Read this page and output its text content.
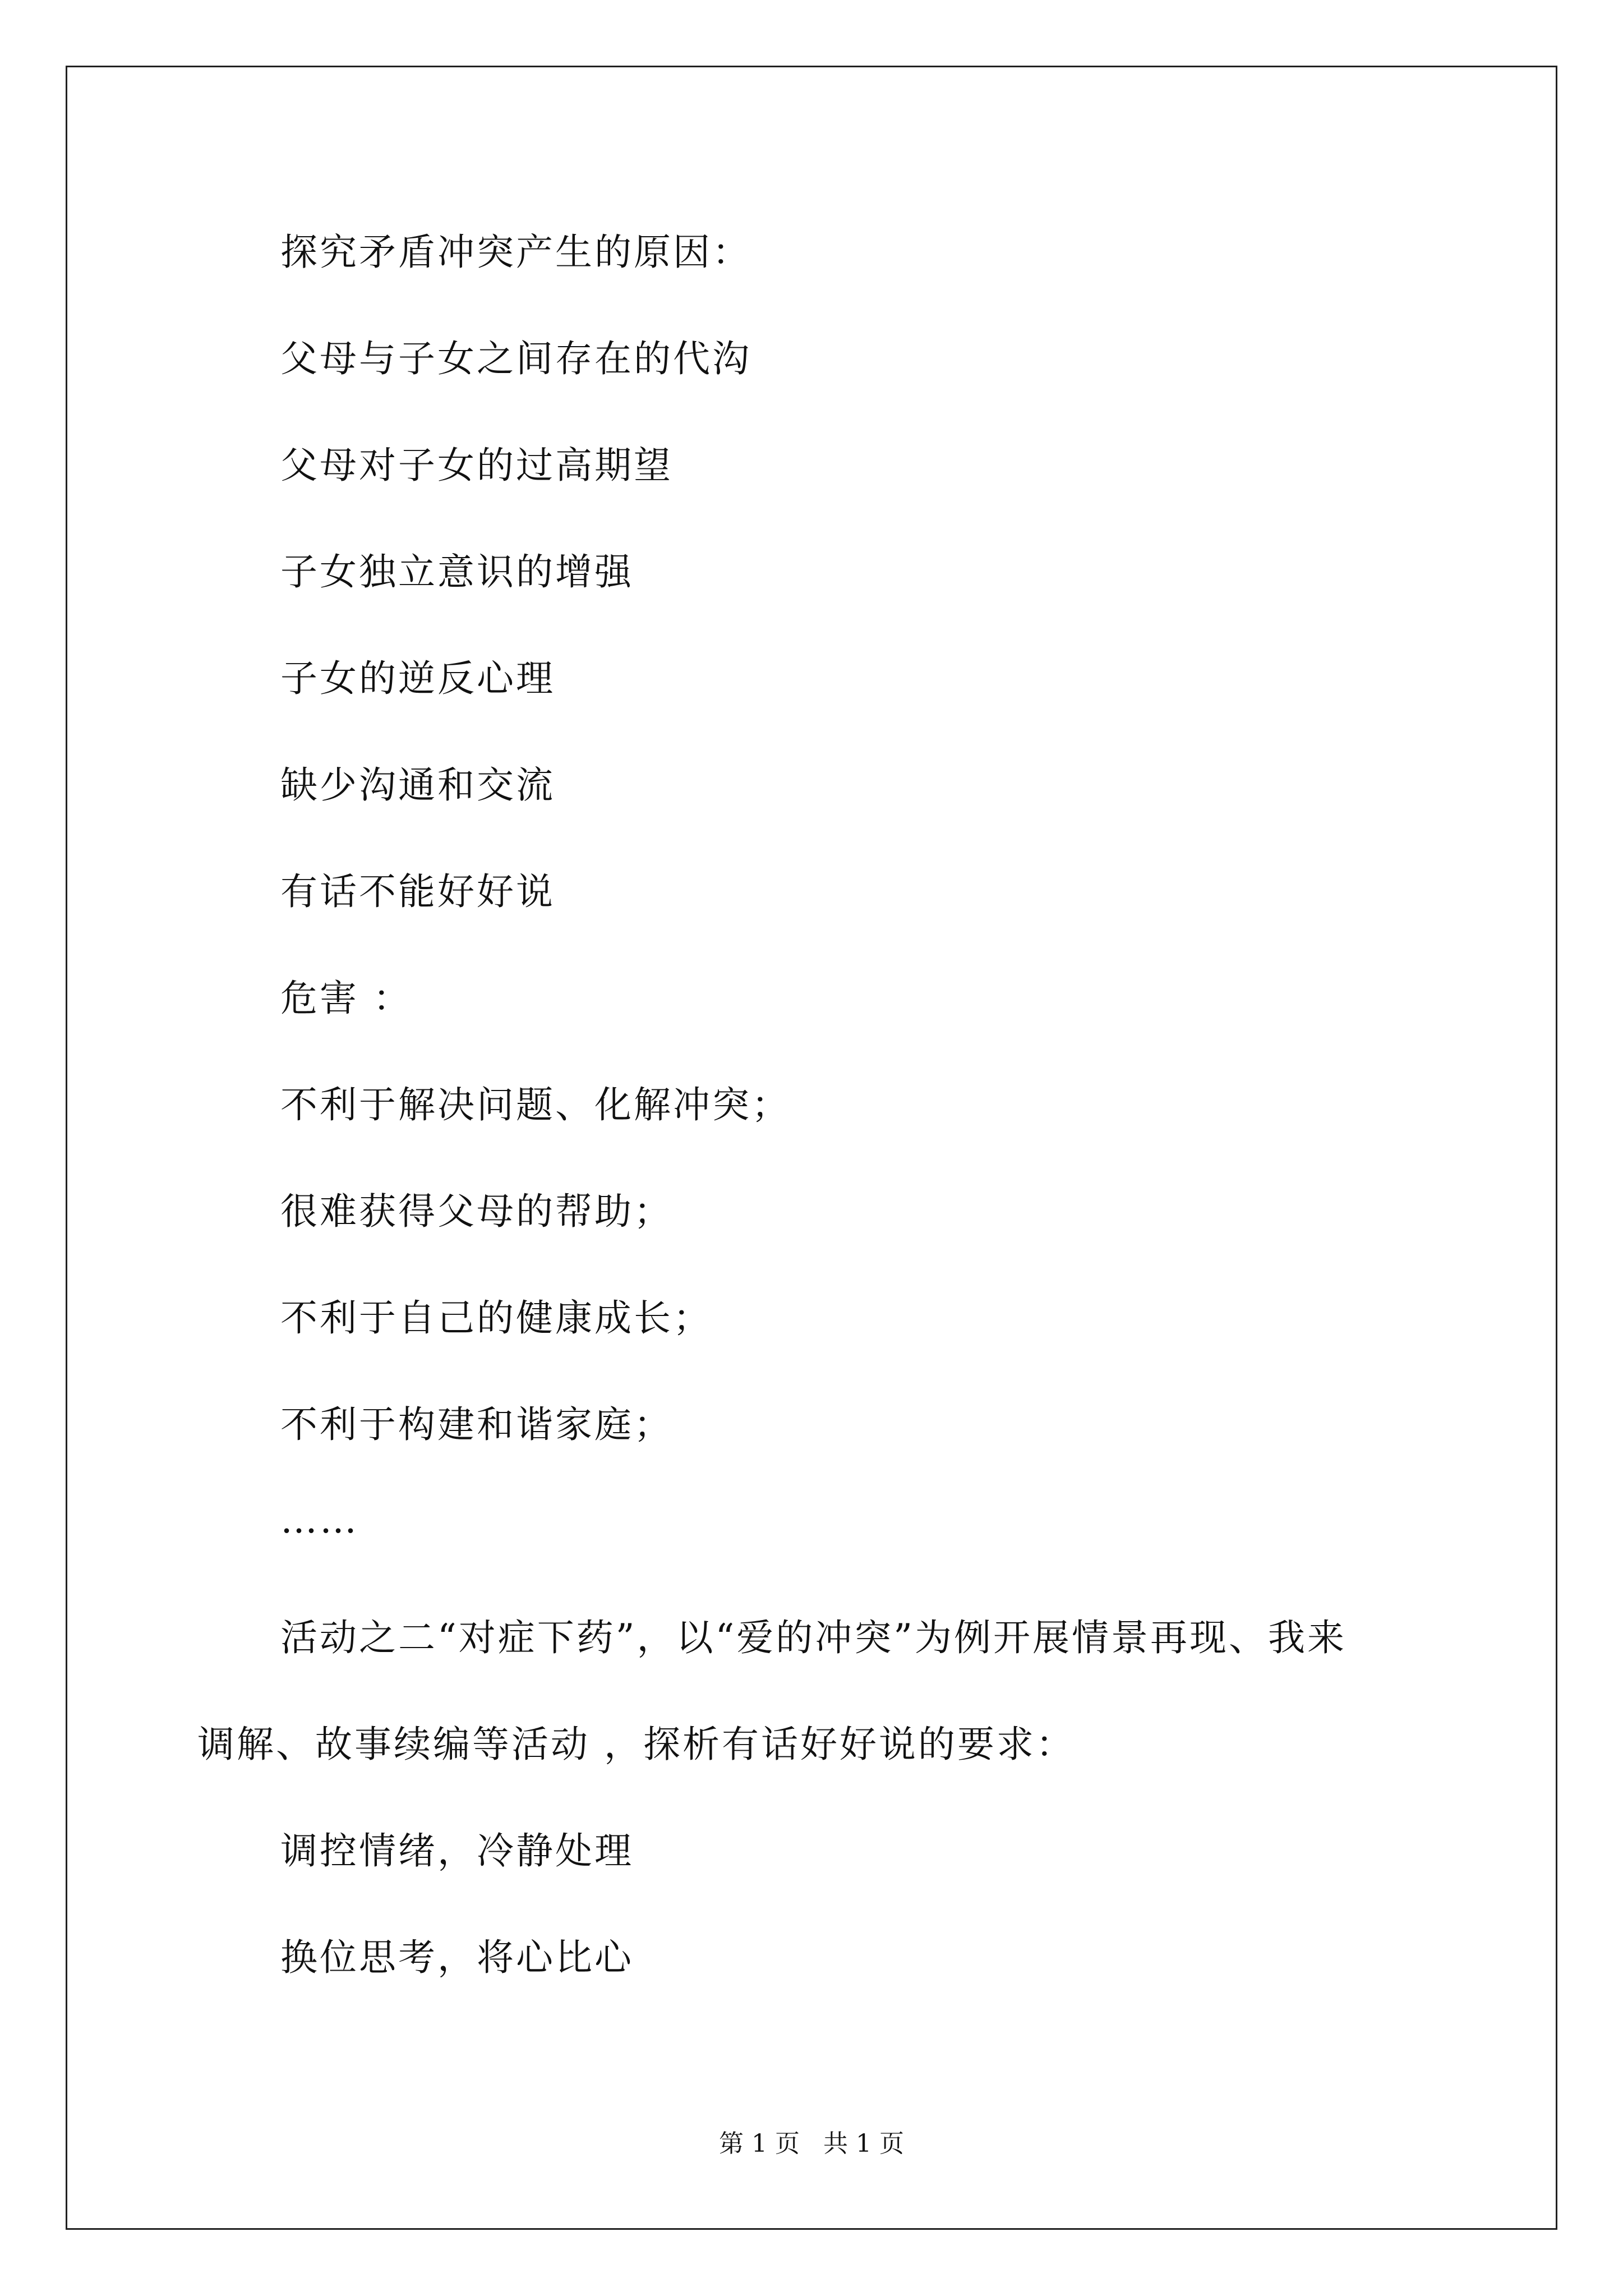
探究矛盾冲突产生的原因：
父母与子女之间存在的代沟
父母对子女的过高期望
子女独立意识的增强
子女的逆反心理
缺少沟通和交流
有话不能好好说
危害 ：
不利于解决问题、化解冲突；
很难获得父母的帮助；
不利于自己的健康成长；
不利于构建和谐家庭；
……
活动之二“对症下药”，以“爱的冲突”为例开展情景再现、我来
调解、故事续编等活动 ，探析有话好好说的要求：
调控情绪，冷静处理
换位思考，将心比心
第 1 页   共 1 页
